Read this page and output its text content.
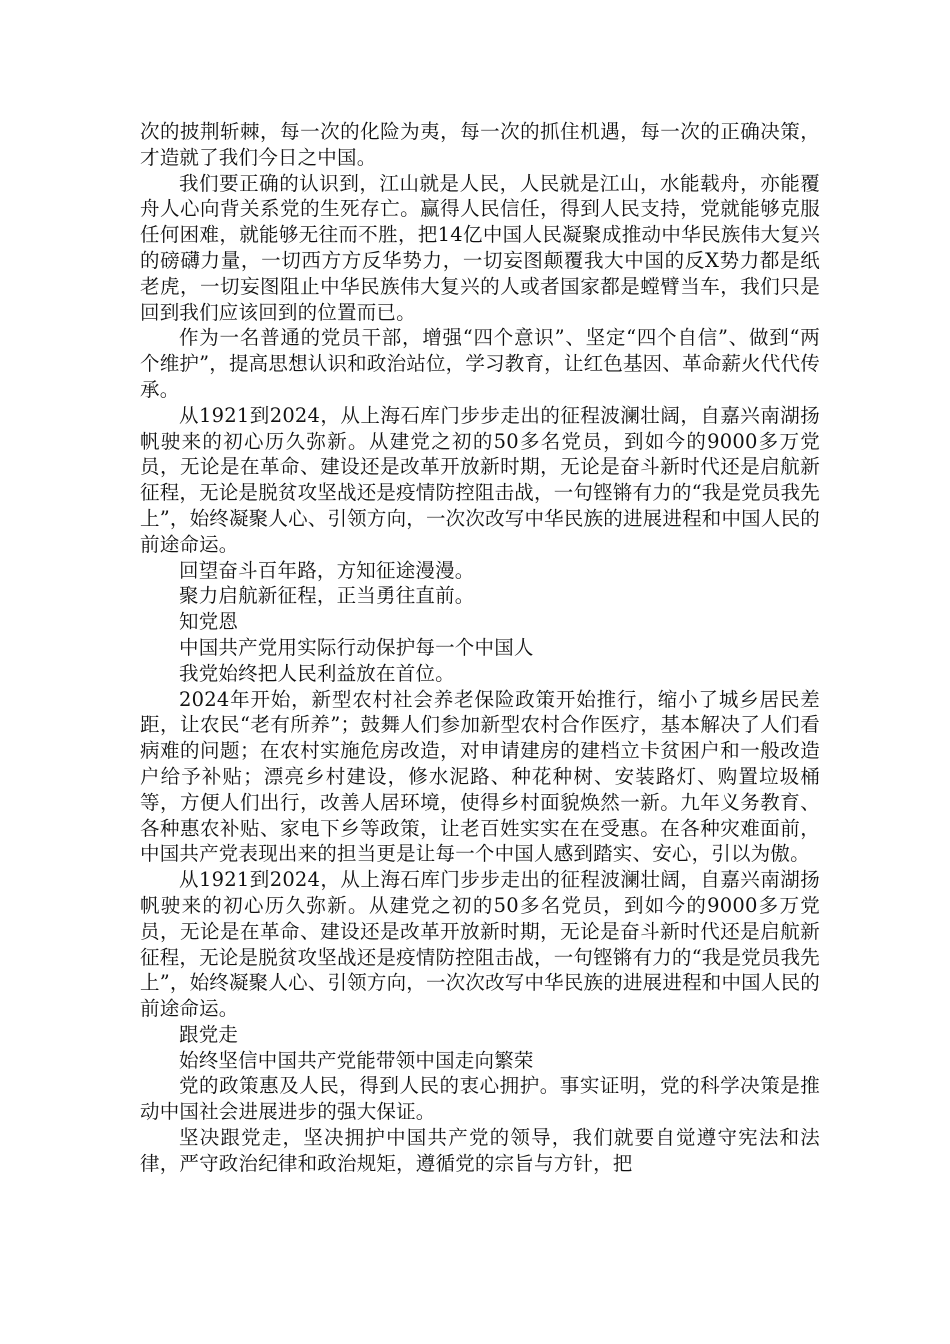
次的披荆斩棘，每一次的化险为夷，每一次的抓住机遇，每一次的正确决策，才造就了我们今日之中国。

我们要正确的认识到，江山就是人民，人民就是江山，水能载舟，亦能覆舟人心向背关系党的生死存亡。赢得人民信任，得到人民支持，党就能够克服任何困难，就能够无往而不胜，把14亿中国人民凝聚成推动中华民族伟大复兴的磅礴力量，一切西方方反华势力，一切妄图颠覆我大中国的反X势力都是纸老虎，一切妄图阻止中华民族伟大复兴的人或者国家都是螳臂当车，我们只是回到我们应该回到的位置而已。

作为一名普通的党员干部，增强“四个意识”、坚定“四个自信”、做到“两个维护”，提高思想认识和政治站位，学习教育，让红色基因、革命薪火代代传承。

从1921到2024，从上海石库门步步走出的征程波澜壮阔，自嘉兴南湖扬帆驶来的初心历久弥新。从建党之初的50多名党员，到如今的9000多万党员，无论是在革命、建设还是改革开放新时期，无论是奋斗新时代还是启航新征程，无论是脱贫攻坚战还是疫情防控阻击战，一句铿锵有力的“我是党员我先上”，始终凝聚人心、引领方向，一次次改写中华民族的进展进程和中国人民的前途命运。

回望奋斗百年路，方知征途漫漫。

聚力启航新征程，正当勇往直前。

知党恩

中国共产党用实际行动保护每一个中国人

我党始终把人民利益放在首位。

2024年开始，新型农村社会养老保险政策开始推行，缩小了城乡居民差距，让农民“老有所养”；鼓舞人们参加新型农村合作医疗，基本解决了人们看病难的问题；在农村实施危房改造，对申请建房的建档立卡贫困户和一般改造户给予补贴；漂亮乡村建设，修水泥路、种花种树、安装路灯、购置垃圾桶等，方便人们出行，改善人居环境，使得乡村面貌焕然一新。九年义务教育、各种惠农补贴、家电下乡等政策，让老百姓实实在在受惠。在各种灾难面前，中国共产党表现出来的担当更是让每一个中国人感到踏实、安心，引以为傲。

从1921到2024，从上海石库门步步走出的征程波澜壮阔，自嘉兴南湖扬帆驶来的初心历久弥新。从建党之初的50多名党员，到如今的9000多万党员，无论是在革命、建设还是改革开放新时期，无论是奋斗新时代还是启航新征程，无论是脱贫攻坚战还是疫情防控阻击战，一句铿锵有力的“我是党员我先上”，始终凝聚人心、引领方向，一次次改写中华民族的进展进程和中国人民的前途命运。

跟党走

始终坚信中国共产党能带领中国走向繁荣

党的政策惠及人民，得到人民的衷心拥护。事实证明，党的科学决策是推动中国社会进展进步的强大保证。

坚决跟党走，坚决拥护中国共产党的领导，我们就要自觉遵守宪法和法律，严守政治纪律和政治规矩，遵循党的宗旨与方针，把
